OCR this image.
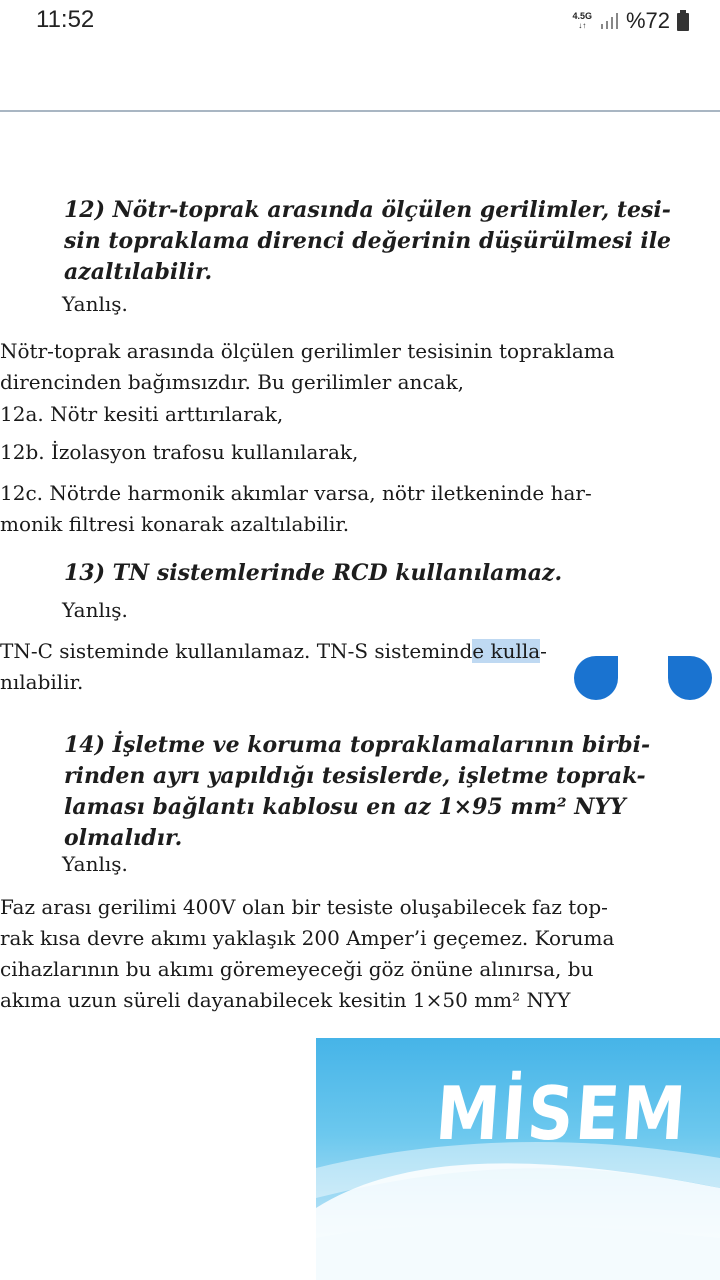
11:52	4.5G
↓↑ %72
12) Nötr-toprak arasında ölçülen gerilimler, tesi-
sin topraklama direnci değerinin düşürülmesi ile
azaltılabilir.
Yanlış.
Nötr-toprak arasında ölçülen gerilimler tesisinin topraklama
direncinden bağımsızdır. Bu gerilimler ancak,
12a. Nötr kesiti arttırılarak,
12b. İzolasyon trafosu kullanılarak,
12c. Nötrde harmonik akımlar varsa, nötr iletkeninde har-
monik filtresi konarak azaltılabilir.
13) TN sistemlerinde RCD kullanılamaz.
Yanlış.
TN-C sisteminde kullanılamaz. TN-S sisteminde kulla-
nılabilir.
14) İşletme ve koruma topraklamalarının birbi-
rinden ayrı yapıldığı tesislerde, işletme toprak-
laması bağlantı kablosu en az 1×95 mm² NYY
olmalıdır.
Yanlış.
Faz arası gerilimi 400V olan bir tesiste oluşabilecek faz top-
rak kısa devre akımı yaklaşık 200 Amper’i geçemez. Koruma
cihazlarının bu akımı göremeyeceği göz önüne alınırsa, bu
akıma uzun süreli dayanabilecek kesitin 1×50 mm² NYY
MİSEM
